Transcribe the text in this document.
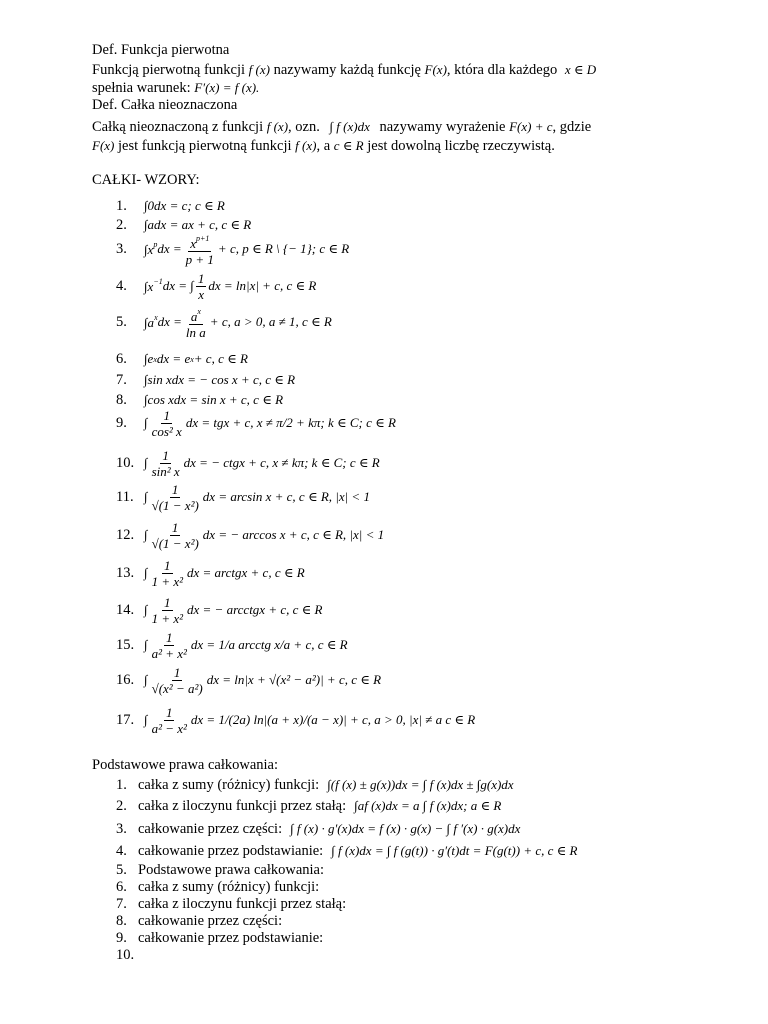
Def. Funkcja pierwotna
Funkcją pierwotną funkcji f (x) nazywamy każdą funkcję F(x), która dla każdego x ∈ D
spełnia warunek: F′(x) = f (x).
Def. Całka nieoznaczona
Całką nieoznaczoną z funkcji f (x), ozn. ∫ f (x)dx nazywamy wyrażenie F(x) + c, gdzie
F(x) jest funkcją pierwotną funkcji f (x), a c ∈ R jest dowolną liczbę rzeczywistą.
CAŁKI- WZORY:
1.	∫0dx = c; c ∈ R
2.	∫adx = ax + c, c ∈ R
3.	$\int x^p$ dx = $\frac{x^{p+1}}{p + 1} + c$, p ∈ R \ {− 1}; c ∈ R
4.	$\int x^{-1}$ dx = ∫ $\frac{1}{x}$ dx = ln|x| + c, c ∈ R
5.	$\int a^x$ dx = $\frac{a^x}{\text{ln a}} + c$, a > 0, a ≠ 1, c ∈ R
6.	∫e x dx = e x + c, c ∈ R
7.	∫sin xdx = − cos x + c, c ∈ R
8.	∫cos xdx = sin x + c, c ∈ R
9.	∫ $\frac{1}{\text{cos² x}}$ dx = tgx + c, x ≠ π/2 + kπ; k ∈ C; c ∈ R
10. ∫ $\frac{1}{\text{sin² x}}$ dx = − ctgx + c, x ≠ kπ; k ∈ C; c ∈ R
11. ∫ $\frac{1}{\text{√(1 − x²)}}$ dx = arcsin x + c, c ∈ R, |x| < 1
12. ∫ $\frac{1}{\text{√(1 − x²)}}$ dx = − arccos x + c, c ∈ R, |x| < 1
13. ∫ $\frac{1}{\text{1 + x²}}$ dx = arctgx + c, c ∈ R
14. ∫ $\frac{1}{\text{1 + x²}}$ dx = − arcctgx + c, c ∈ R
15. ∫ $\frac{1}{\text{a² + x²}}$ dx = 1/a arcctg x/a + c, c ∈ R
16. ∫ $\frac{1}{\text{√(x² − a²)}}$ dx = ln|x + √(x² − a²)| + c, c ∈ R
17. ∫ $\frac{1}{\text{a² − x²}}$ dx = 1/(2a) ln|(a + x)/(a − x)| + c, a > 0, |x| ≠ a c ∈ R
Podstawowe prawa całkowania:
1. całka z sumy (różnicy) funkcji: ∫(f (x) ± g(x))dx = ∫ f (x)dx ± ∫g(x)dx
2. całka z iloczynu funkcji przez stałą: ∫af (x)dx = a ∫ f (x)dx; a ∈ R
3. całkowanie przez części: ∫ f (x) · g′(x)dx = f (x) · g(x) − ∫ f ′(x) · g(x)dx
4. całkowanie przez podstawianie: ∫ f (x)dx = ∫ f (g(t)) · g′(t)dt = F(g(t)) + c, c ∈ R
5. Podstawowe prawa całkowania:
6. całka z sumy (różnicy) funkcji:
7. całka z iloczynu funkcji przez stałą:
8. całkowanie przez części:
9. całkowanie przez podstawianie:
10.
